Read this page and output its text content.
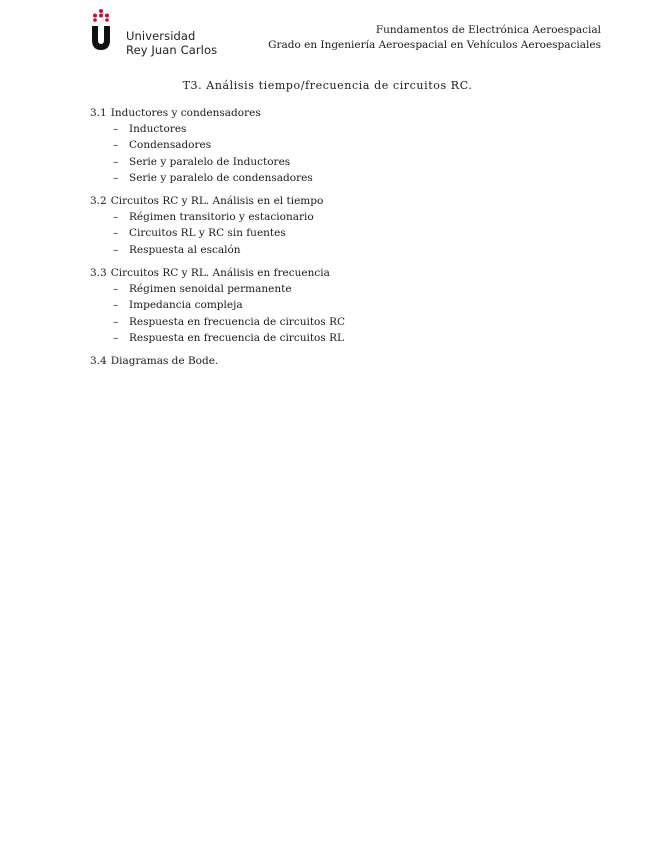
Universidad
Rey Juan Carlos
Fundamentos de Electrónica Aeroespacial
Grado en Ingeniería Aeroespacial en Vehículos Aeroespaciales
T3. Análisis tiempo/frecuencia de circuitos RC.
3.1 Inductores y condensadores
–	Inductores
–	Condensadores
–	Serie y paralelo de Inductores
–	Serie y paralelo de condensadores
3.2 Circuitos RC y RL. Análisis en el tiempo
–	Régimen transitorio y estacionario
–	Circuitos RL y RC sin fuentes
–	Respuesta al escalón
3.3 Circuitos RC y RL. Análisis en frecuencia
–	Régimen senoidal permanente
–	Impedancia compleja
–	Respuesta en frecuencia de circuitos RC
–	Respuesta en frecuencia de circuitos RL
3.4 Diagramas de Bode.
